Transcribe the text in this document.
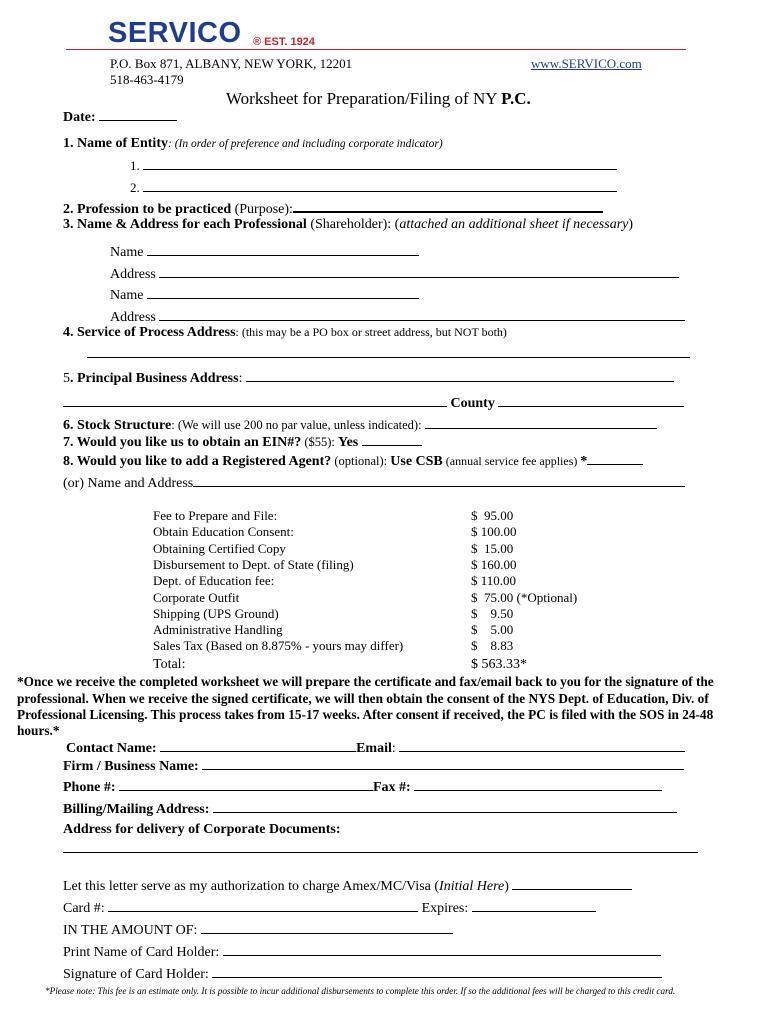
SERVICO ® EST. 1924
P.O. Box 871, ALBANY, NEW YORK, 12201
518-463-4179
www.SERVICO.com
Worksheet for Preparation/Filing of NY P.C.
Date:
1. Name of Entity: (In order of preference and including corporate indicator)
1.
2.
2. Profession to be practiced (Purpose):
3. Name & Address for each Professional (Shareholder): (attached an additional sheet if necessary)
Name
Address
Name
Address
4. Service of Process Address: (this may be a PO box or street address, but NOT both)
5. Principal Business Address:
County
6. Stock Structure: (We will use 200 no par value, unless indicated):
7. Would you like us to obtain an EIN#? ($55): Yes
8. Would you like to add a Registered Agent? (optional): Use CSB (annual service fee applies) *
(or) Name and Address
Fee to Prepare and File:	$  95.00
Obtain Education Consent:	$ 100.00
Obtaining Certified Copy	$  15.00
Disbursement to Dept. of State (filing)	$ 160.00
Dept. of Education fee:	$ 110.00
Corporate Outfit	$  75.00 (*Optional)
Shipping (UPS Ground)	$    9.50
Administrative Handling	$    5.00
Sales Tax (Based on 8.875% - yours may differ)	$    8.83
Total:	$ 563.33*
*Once we receive the completed worksheet we will prepare the certificate and fax/email back to you for the signature of the
professional. When we receive the signed certificate, we will then obtain the consent of the NYS Dept. of Education, Div. of
Professional Licensing. This process takes from 15-17 weeks. After consent if received, the PC is filed with the SOS in 24-48
hours.*
Contact Name:	Email:
Firm / Business Name:
Phone #:	Fax #:
Billing/Mailing Address:
Address for delivery of Corporate Documents:
Let this letter serve as my authorization to charge Amex/MC/Visa (Initial Here)
Card #:	Expires:
IN THE AMOUNT OF:
Print Name of Card Holder:
Signature of Card Holder:
*Please note: This fee is an estimate only. It is possible to incur additional disbursements to complete this order. If so the additional fees will be charged to this credit card.
